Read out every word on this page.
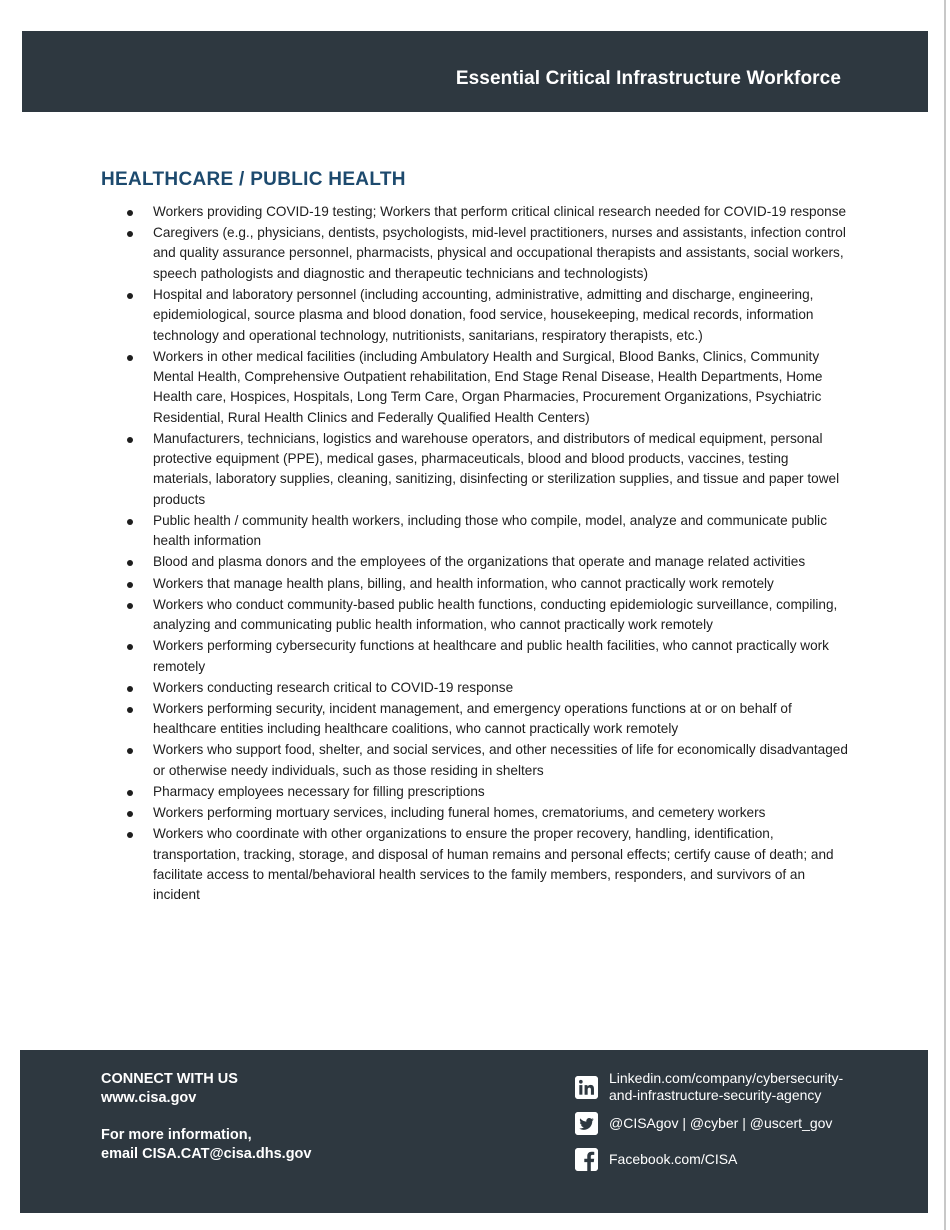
Essential Critical Infrastructure Workforce
HEALTHCARE / PUBLIC HEALTH
Workers providing COVID-19 testing; Workers that perform critical clinical research needed for COVID-19 response
Caregivers (e.g., physicians, dentists, psychologists, mid-level practitioners, nurses and assistants, infection control and quality assurance personnel, pharmacists, physical and occupational therapists and assistants, social workers, speech pathologists and diagnostic and therapeutic technicians and technologists)
Hospital and laboratory personnel (including accounting, administrative, admitting and discharge, engineering, epidemiological, source plasma and blood donation, food service, housekeeping, medical records, information technology and operational technology, nutritionists, sanitarians, respiratory therapists, etc.)
Workers in other medical facilities (including Ambulatory Health and Surgical, Blood Banks, Clinics, Community Mental Health, Comprehensive Outpatient rehabilitation, End Stage Renal Disease, Health Departments, Home Health care, Hospices, Hospitals, Long Term Care, Organ Pharmacies, Procurement Organizations, Psychiatric Residential, Rural Health Clinics and Federally Qualified Health Centers)
Manufacturers, technicians, logistics and warehouse operators, and distributors of medical equipment, personal protective equipment (PPE), medical gases, pharmaceuticals, blood and blood products, vaccines, testing materials, laboratory supplies, cleaning, sanitizing, disinfecting or sterilization supplies, and tissue and paper towel products
Public health / community health workers, including those who compile, model, analyze and communicate public health information
Blood and plasma donors and the employees of the organizations that operate and manage related activities
Workers that manage health plans, billing, and health information, who cannot practically work remotely
Workers who conduct community-based public health functions, conducting epidemiologic surveillance, compiling, analyzing and communicating public health information, who cannot practically work remotely
Workers performing cybersecurity functions at healthcare and public health facilities, who cannot practically work remotely
Workers conducting research critical to COVID-19 response
Workers performing security, incident management, and emergency operations functions at or on behalf of healthcare entities including healthcare coalitions, who cannot practically work remotely
Workers who support food, shelter, and social services, and other necessities of life for economically disadvantaged or otherwise needy individuals, such as those residing in shelters
Pharmacy employees necessary for filling prescriptions
Workers performing mortuary services, including funeral homes, crematoriums, and cemetery workers
Workers who coordinate with other organizations to ensure the proper recovery, handling, identification, transportation, tracking, storage, and disposal of human remains and personal effects; certify cause of death; and facilitate access to mental/behavioral health services to the family members, responders, and survivors of an incident
CONNECT WITH US
www.cisa.gov
For more information,
email CISA.CAT@cisa.dhs.gov
Linkedin.com/company/cybersecurity-
and-infrastructure-security-agency
@CISAgov | @cyber | @uscert_gov
Facebook.com/CISA
